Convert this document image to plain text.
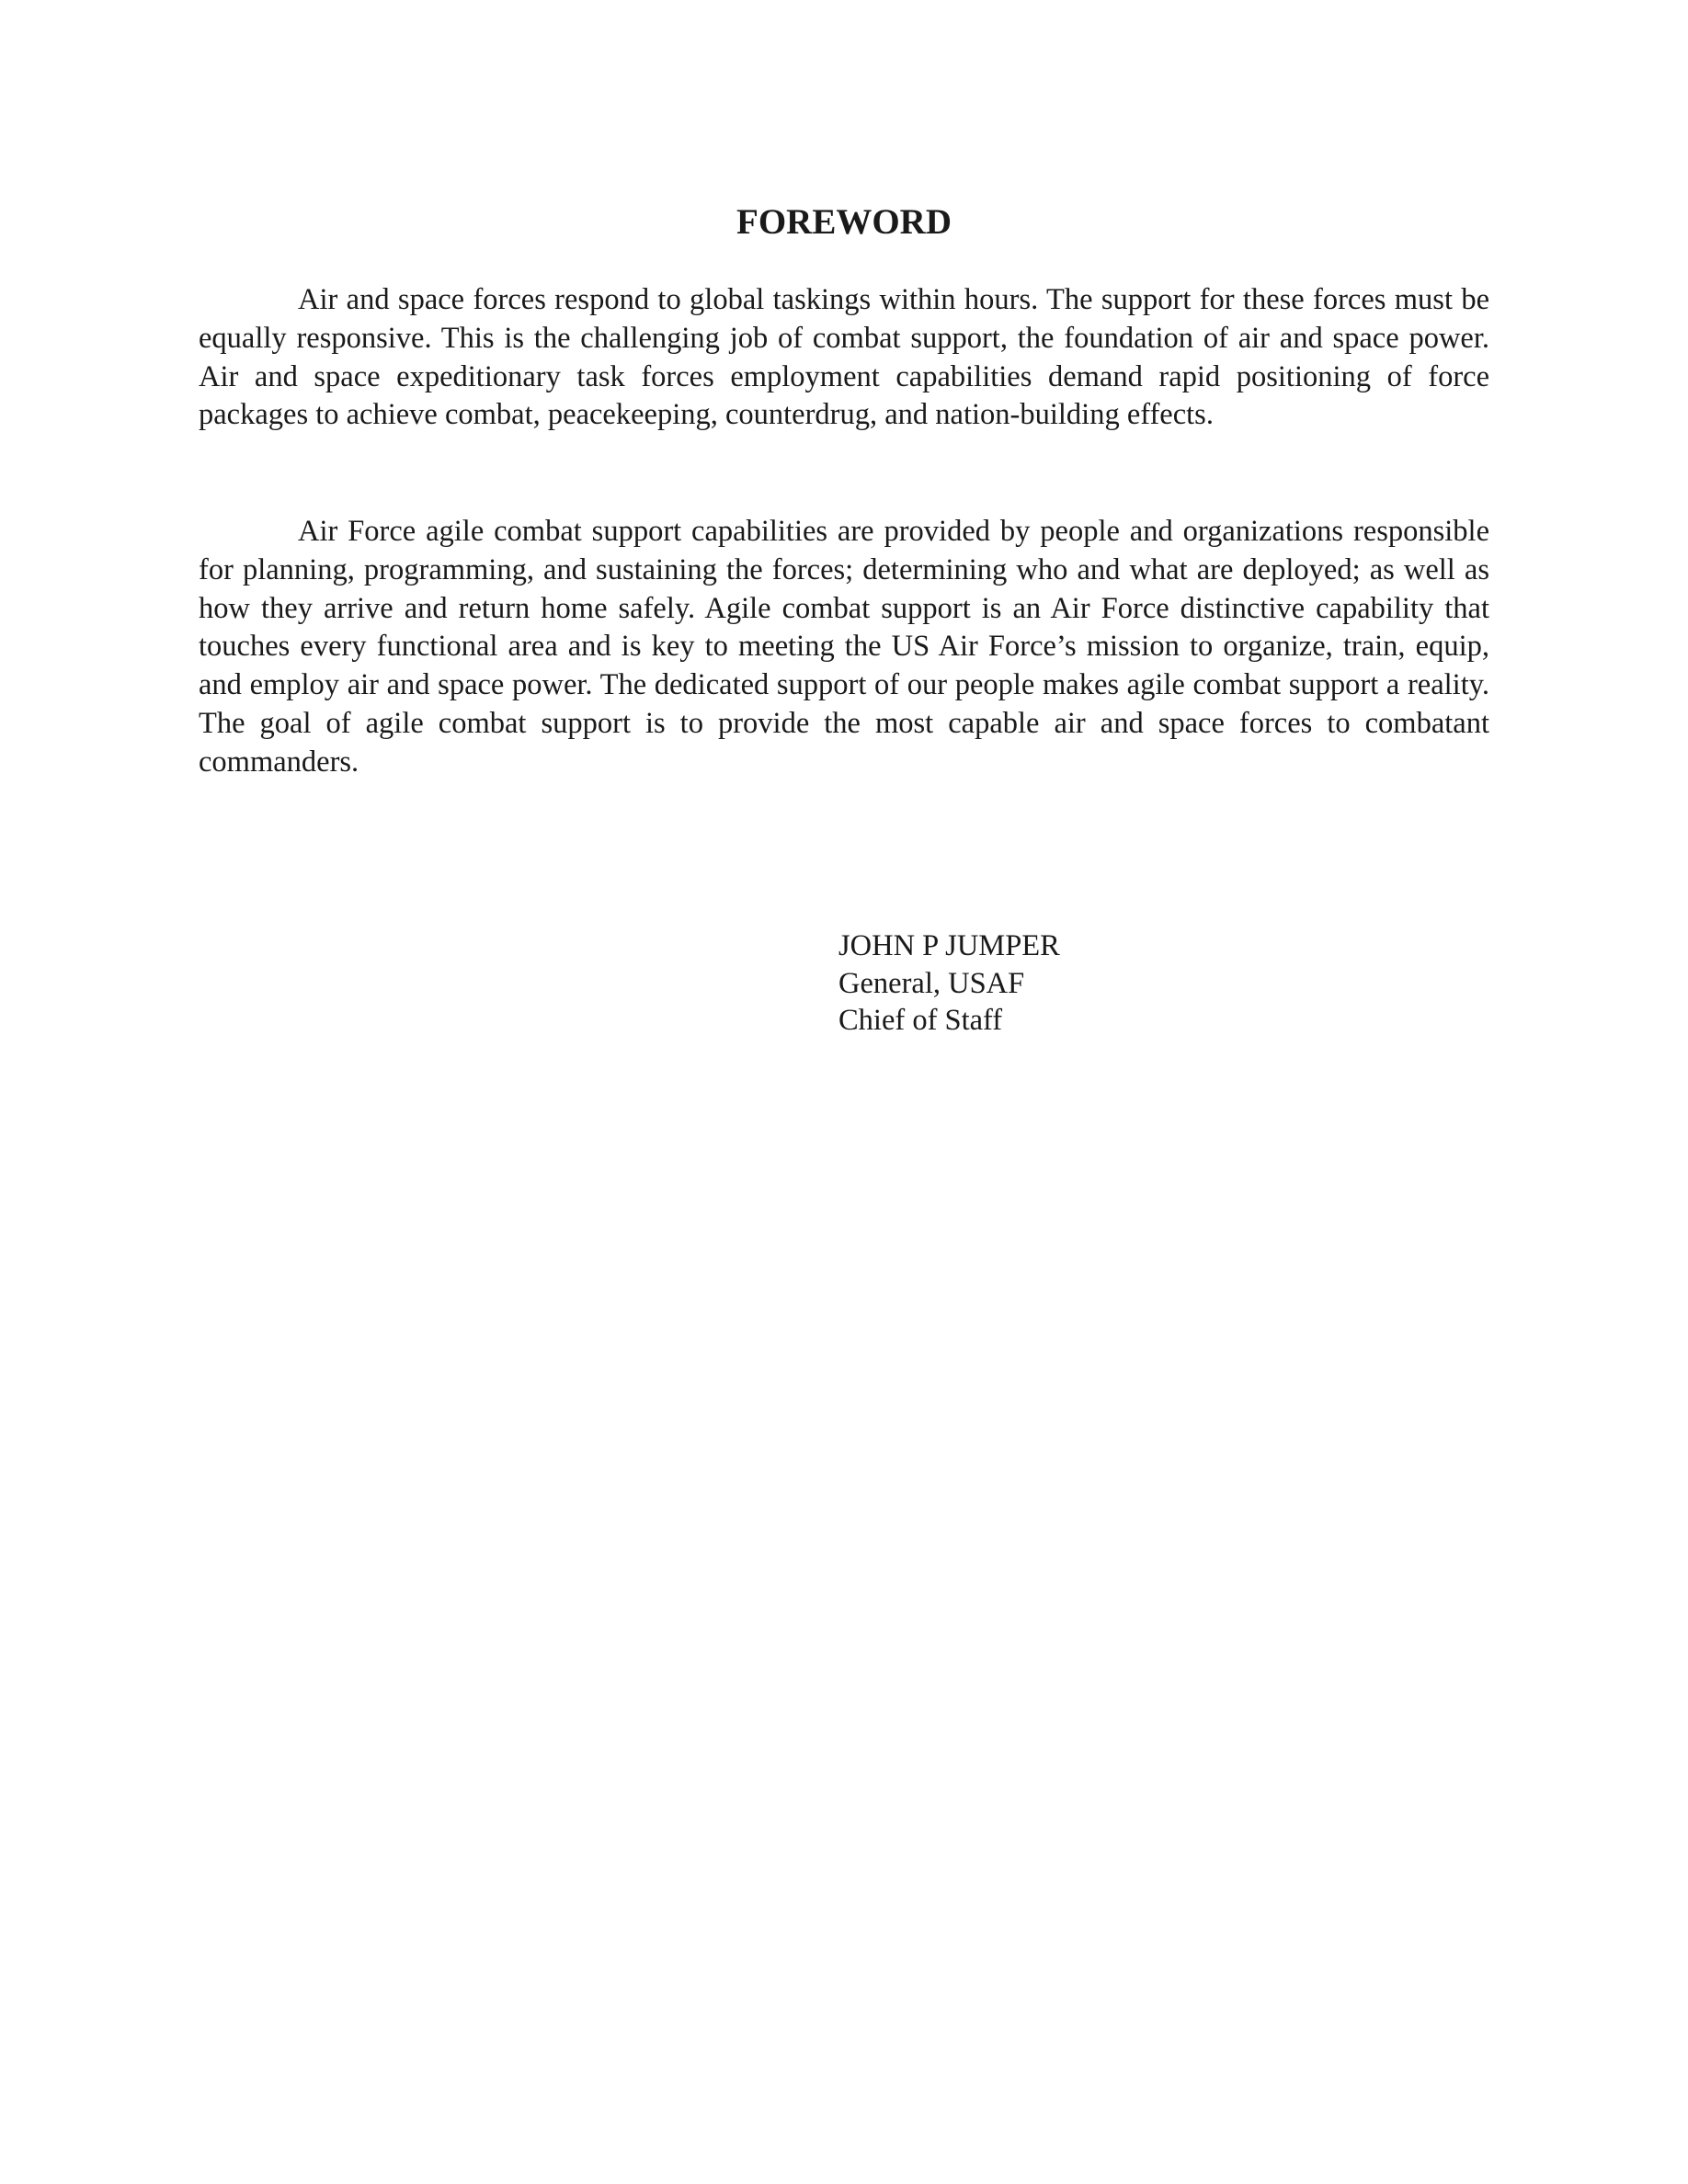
FOREWORD

Air and space forces respond to global taskings within hours. The support for these forces must be equally responsive. This is the challenging job of combat support, the foundation of air and space power. Air and space expeditionary task forces employment capabilities demand rapid positioning of force packages to achieve combat, peacekeeping, counterdrug, and nation-building effects.

Air Force agile combat support capabilities are provided by people and organizations responsible for planning, programming, and sustaining the forces; determining who and what are deployed; as well as how they arrive and return home safely. Agile combat support is an Air Force distinctive capability that touches every functional area and is key to meeting the US Air Force’s mission to organize, train, equip, and employ air and space power. The dedicated support of our people makes agile combat support a reality. The goal of agile combat support is to provide the most capable air and space forces to combatant commanders.

JOHN P JUMPER
General, USAF
Chief of Staff
